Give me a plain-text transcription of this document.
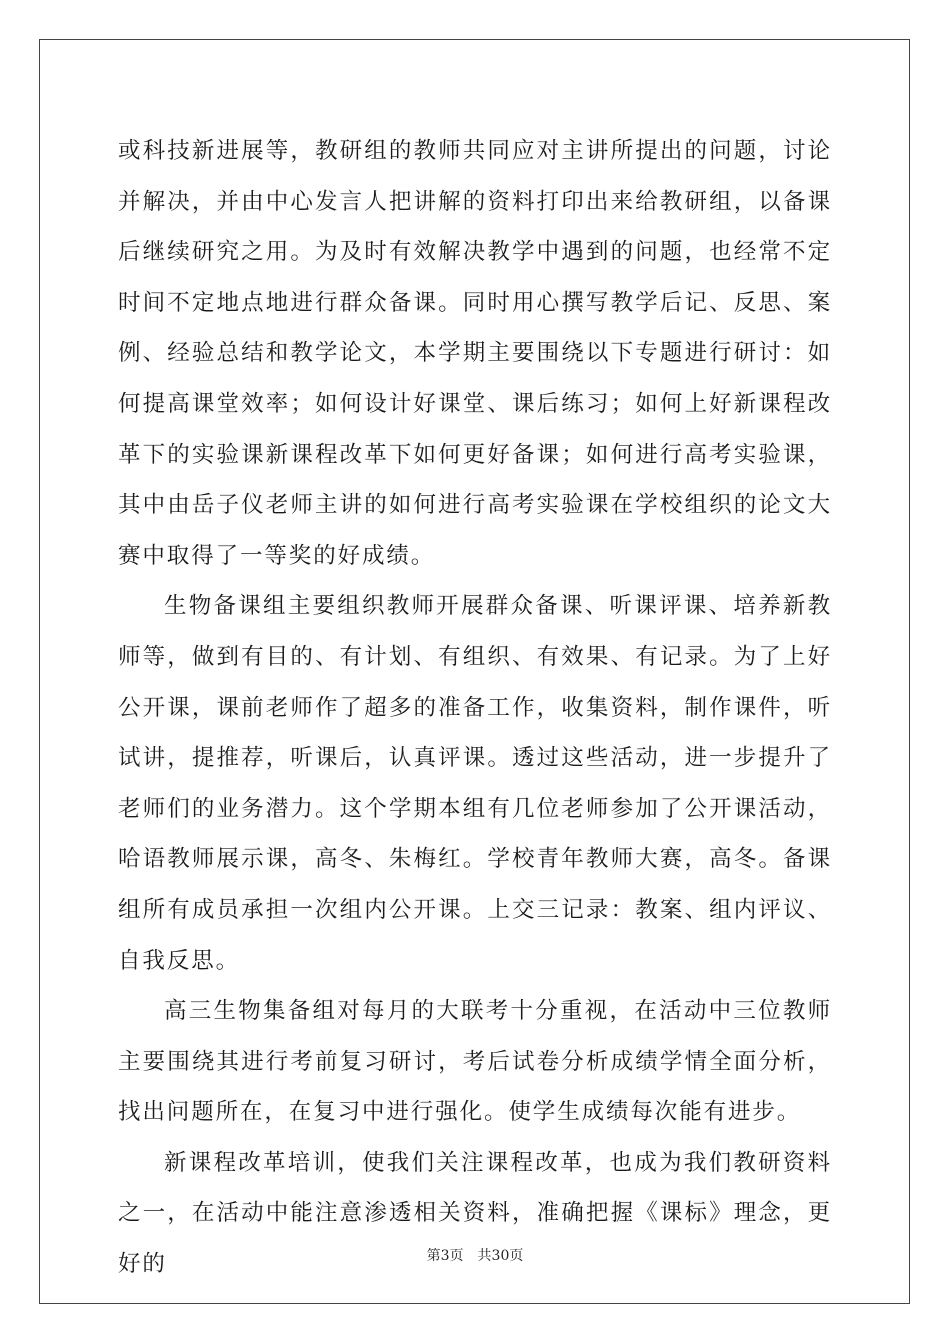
或科技新进展等，教研组的教师共同应对主讲所提出的问题，讨论并解决，并由中心发言人把讲解的资料打印出来给教研组，以备课后继续研究之用。为及时有效解决教学中遇到的问题，也经常不定时间不定地点地进行群众备课。同时用心撰写教学后记、反思、案例、经验总结和教学论文，本学期主要围绕以下专题进行研讨：如何提高课堂效率；如何设计好课堂、课后练习；如何上好新课程改革下的实验课新课程改革下如何更好备课；如何进行高考实验课，其中由岳子仪老师主讲的如何进行高考实验课在学校组织的论文大赛中取得了一等奖的好成绩。

生物备课组主要组织教师开展群众备课、听课评课、培养新教师等，做到有目的、有计划、有组织、有效果、有记录。为了上好公开课，课前老师作了超多的准备工作，收集资料，制作课件，听试讲，提推荐，听课后，认真评课。透过这些活动，进一步提升了老师们的业务潜力。这个学期本组有几位老师参加了公开课活动，哈语教师展示课，高冬、朱梅红。学校青年教师大赛，高冬。备课组所有成员承担一次组内公开课。上交三记录：教案、组内评议、自我反思。

高三生物集备组对每月的大联考十分重视，在活动中三位教师主要围绕其进行考前复习研讨，考后试卷分析成绩学情全面分析，找出问题所在，在复习中进行强化。使学生成绩每次能有进步。

新课程改革培训，使我们关注课程改革，也成为我们教研资料之一，在活动中能注意渗透相关资料，准确把握《课标》理念，更好的	第3页 共30页
